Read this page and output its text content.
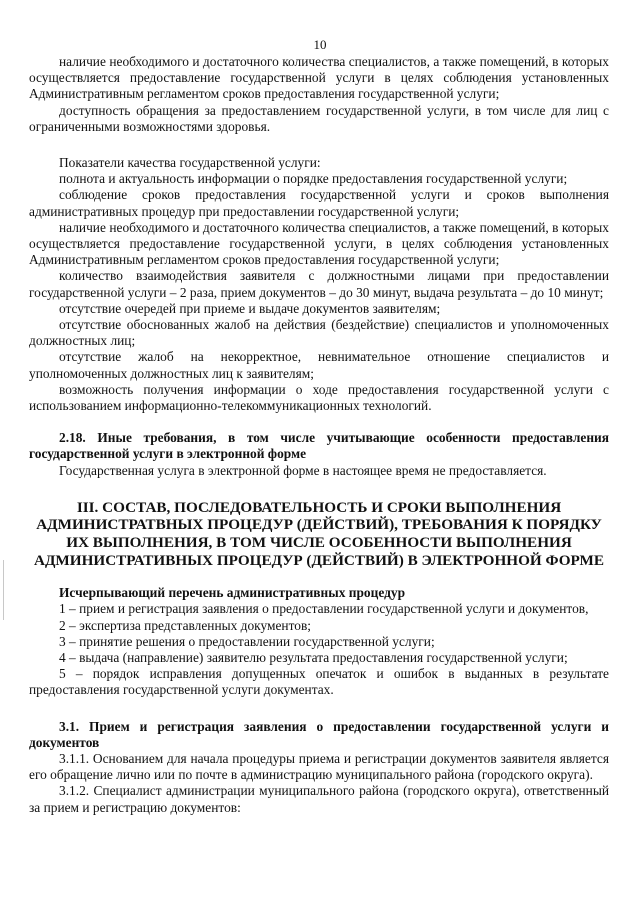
10

наличие необходимого и достаточного количества специалистов, а также помещений, в которых осуществляется предоставление государственной услуги в целях соблюдения установленных Административным регламентом сроков предоставления государственной услуги;

доступность обращения за предоставлением государственной услуги, в том числе для лиц с ограниченными возможностями здоровья.

Показатели качества государственной услуги:

полнота и актуальность информации о порядке предоставления государственной услуги;

соблюдение сроков предоставления государственной услуги и сроков выполнения административных процедур при предоставлении государственной услуги;

наличие необходимого и достаточного количества специалистов, а также помещений, в которых осуществляется предоставление государственной услуги, в целях соблюдения установленных Административным регламентом сроков предоставления государственной услуги;

количество взаимодействия заявителя с должностными лицами при предоставлении государственной услуги – 2 раза, прием документов – до 30 минут, выдача результата – до 10 минут;

отсутствие очередей при приеме и выдаче документов заявителям;

отсутствие обоснованных жалоб на действия (бездействие) специалистов и уполномоченных должностных лиц;

отсутствие жалоб на некорректное, невнимательное отношение специалистов и уполномоченных должностных лиц к заявителям;

возможность получения информации о ходе предоставления государственной услуги с использованием информационно-телекоммуникационных технологий.

2.18. Иные требования, в том числе учитывающие особенности предоставления государственной услуги в электронной форме

Государственная услуга в электронной форме в настоящее время не предоставляется.

III. СОСТАВ, ПОСЛЕДОВАТЕЛЬНОСТЬ И СРОКИ ВЫПОЛНЕНИЯ АДМИНИСТРАТВНЫХ ПРОЦЕДУР (ДЕЙСТВИЙ), ТРЕБОВАНИЯ К ПОРЯДКУ ИХ ВЫПОЛНЕНИЯ, В ТОМ ЧИСЛЕ ОСОБЕННОСТИ ВЫПОЛНЕНИЯ АДМИНИСТРАТИВНЫХ ПРОЦЕДУР (ДЕЙСТВИЙ) В ЭЛЕКТРОННОЙ ФОРМЕ

Исчерпывающий перечень административных процедур

1 – прием и регистрация заявления о предоставлении государственной услуги и документов,

2 – экспертиза представленных документов;

3 – принятие решения о предоставлении государственной услуги;

4 – выдача (направление) заявителю результата предоставления государственной услуги;

5 – порядок исправления допущенных опечаток и ошибок в выданных в результате предоставления государственной услуги документах.

3.1. Прием и регистрация заявления о предоставлении государственной услуги и документов

3.1.1. Основанием для начала процедуры приема и регистрации документов заявителя является его обращение лично или по почте в администрацию муниципального района (городского округа).

3.1.2. Специалист администрации муниципального района (городского округа), ответственный за прием и регистрацию документов:
